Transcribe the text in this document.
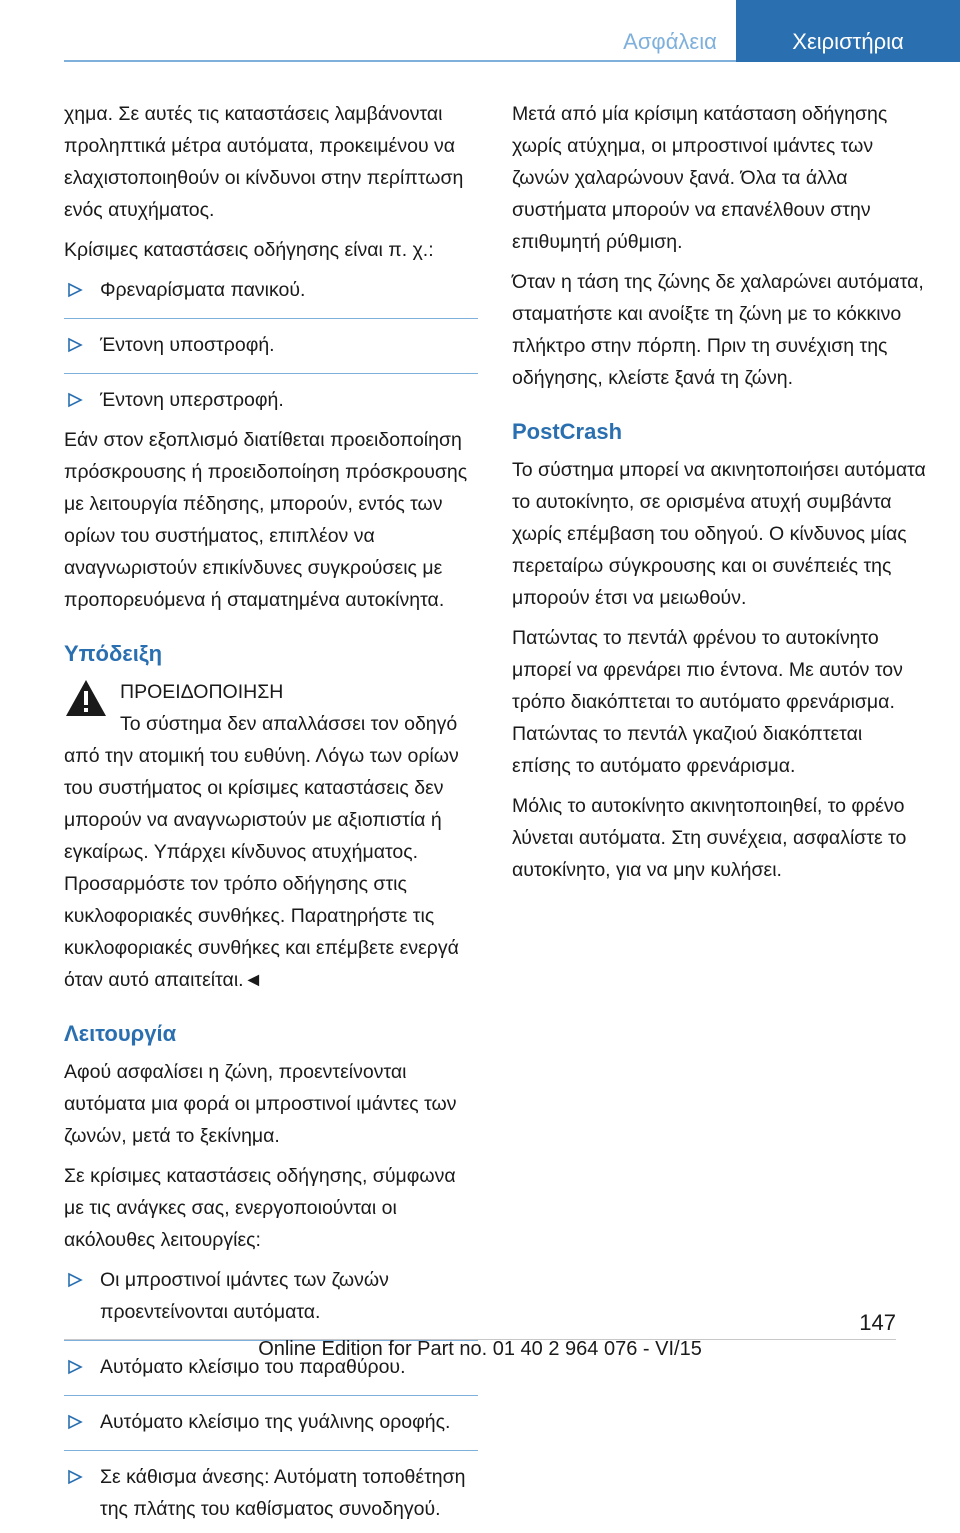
Ασφάλεια	Χειριστήρια

χημα. Σε αυτές τις καταστάσεις λαμβάνονται προληπτικά μέτρα αυτόματα, προκειμένου να ελαχιστοποιηθούν οι κίνδυνοι στην περίπτωση ενός ατυχήματος.

Κρίσιμες καταστάσεις οδήγησης είναι π. χ.:

Φρεναρίσματα πανικού.
Έντονη υποστροφή.
Έντονη υπερστροφή.

Εάν στον εξοπλισμό διατίθεται προειδοποίηση πρόσκρουσης ή προειδοποίηση πρόσκρουσης με λειτουργία πέδησης, μπορούν, εντός των ορίων του συστήματος, επιπλέον να αναγνωριστούν επικίνδυνες συγκρούσεις με προπορευόμενα ή σταματημένα αυτοκίνητα.

Υπόδειξη
ΠΡΟΕΙΔΟΠΟΙΗΣΗ
Το σύστημα δεν απαλλάσσει τον οδηγό από την ατομική του ευθύνη. Λόγω των ορίων του συστήματος οι κρίσιμες καταστάσεις δεν μπορούν να αναγνωριστούν με αξιοπιστία ή εγκαίρως. Υπάρχει κίνδυνος ατυχήματος. Προσαρμόστε τον τρόπο οδήγησης στις κυκλοφοριακές συνθήκες. Παρατηρήστε τις κυκλοφοριακές συνθήκες και επέμβετε ενεργά όταν αυτό απαιτείται.◄
Λειτουργία

Αφού ασφαλίσει η ζώνη, προεντείνονται αυτόματα μια φορά οι μπροστινοί ιμάντες των ζωνών, μετά το ξεκίνημα.

Σε κρίσιμες καταστάσεις οδήγησης, σύμφωνα με τις ανάγκες σας, ενεργοποιούνται οι ακόλουθες λειτουργίες:

Οι μπροστινοί ιμάντες των ζωνών προεντείνονται αυτόματα.
Αυτόματο κλείσιμο του παραθύρου.
Αυτόματο κλείσιμο της γυάλινης οροφής.
Σε κάθισμα άνεσης: Αυτόματη τοποθέτηση της πλάτης του καθίσματος συνοδηγού.

Μετά από μία κρίσιμη κατάσταση οδήγησης χωρίς ατύχημα, οι μπροστινοί ιμάντες των ζωνών χαλαρώνουν ξανά. Όλα τα άλλα συστήματα μπορούν να επανέλθουν στην επιθυμητή ρύθμιση.

Όταν η τάση της ζώνης δε χαλαρώνει αυτόματα, σταματήστε και ανοίξτε τη ζώνη με το κόκκινο πλήκτρο στην πόρπη. Πριν τη συνέχιση της οδήγησης, κλείστε ξανά τη ζώνη.

PostCrash

Το σύστημα μπορεί να ακινητοποιήσει αυτόματα το αυτοκίνητο, σε ορισμένα ατυχή συμβάντα χωρίς επέμβαση του οδηγού. Ο κίνδυνος μίας περεταίρω σύγκρουσης και οι συνέπειές της μπορούν έτσι να μειωθούν.

Πατώντας το πεντάλ φρένου το αυτοκίνητο μπορεί να φρενάρει πιο έντονα. Με αυτόν τον τρόπο διακόπτεται το αυτόματο φρενάρισμα. Πατώντας το πεντάλ γκαζιού διακόπτεται επίσης το αυτόματο φρενάρισμα.

Μόλις το αυτοκίνητο ακινητοποιηθεί, το φρένο λύνεται αυτόματα. Στη συνέχεια, ασφαλίστε το αυτοκίνητο, για να μην κυλήσει.

147
Online Edition for Part no. 01 40 2 964 076 - VI/15
